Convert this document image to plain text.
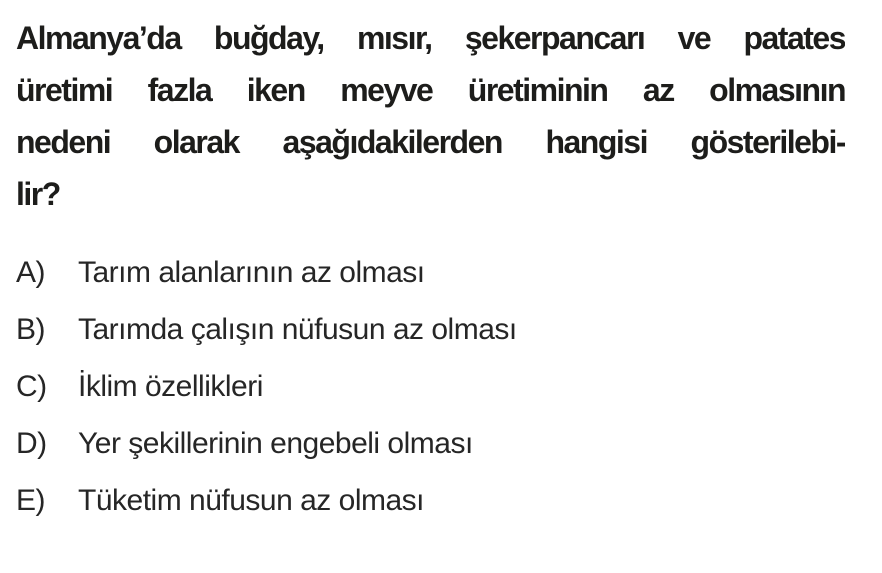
Almanya’da buğday, mısır, şekerpancarı ve patates
üretimi fazla iken meyve üretiminin az olmasının
nedeni olarak aşağıdakilerden hangisi gösterilebi-
lir?
A)	Tarım alanlarının az olması
B)	Tarımda çalışın nüfusun az olması
C)	İklim özellikleri
D)	Yer şekillerinin engebeli olması
E)	Tüketim nüfusun az olması
